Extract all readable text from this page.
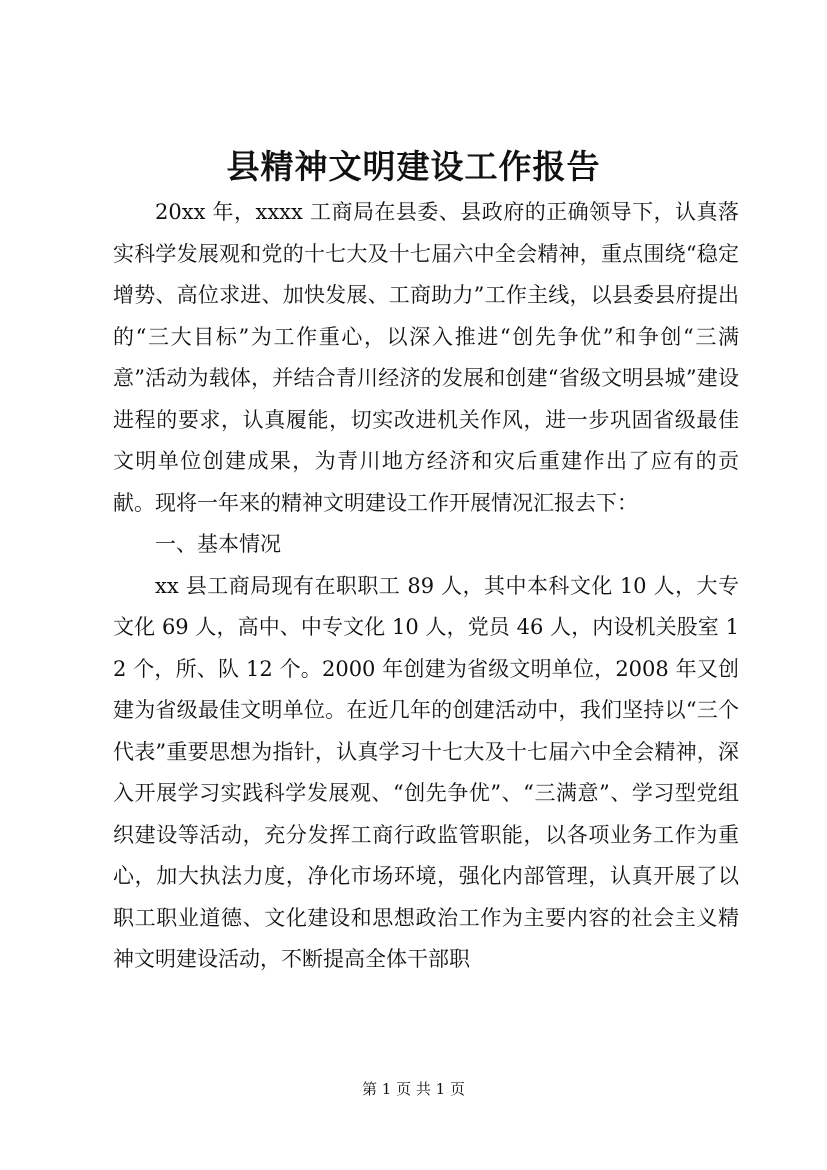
县精神文明建设工作报告

20xx 年，xxxx 工商局在县委、县政府的正确领导下，认真落实科学发展观和党的十七大及十七届六中全会精神，重点围绕“稳定增势、高位求进、加快发展、工商助力”工作主线，以县委县府提出的“三大目标”为工作重心，以深入推进“创先争优”和争创“三满意”活动为载体，并结合青川经济的发展和创建“省级文明县城”建设进程的要求，认真履能，切实改进机关作风，进一步巩固省级最佳文明单位创建成果，为青川地方经济和灾后重建作出了应有的贡献。现将一年来的精神文明建设工作开展情况汇报去下：

一、基本情况

xx 县工商局现有在职职工 89 人，其中本科文化 10 人，大专文化 69 人，高中、中专文化 10 人，党员 46 人，内设机关股室 12 个，所、队 12 个。2000 年创建为省级文明单位，2008 年又创建为省级最佳文明单位。在近几年的创建活动中，我们坚持以“三个代表”重要思想为指针，认真学习十七大及十七届六中全会精神，深入开展学习实践科学发展观、“创先争优”、“三满意”、学习型党组织建设等活动，充分发挥工商行政监管职能，以各项业务工作为重心，加大执法力度，净化市场环境，强化内部管理，认真开展了以职工职业道德、文化建设和思想政治工作为主要内容的社会主义精神文明建设活动，不断提高全体干部职

第 1 页 共 1 页
